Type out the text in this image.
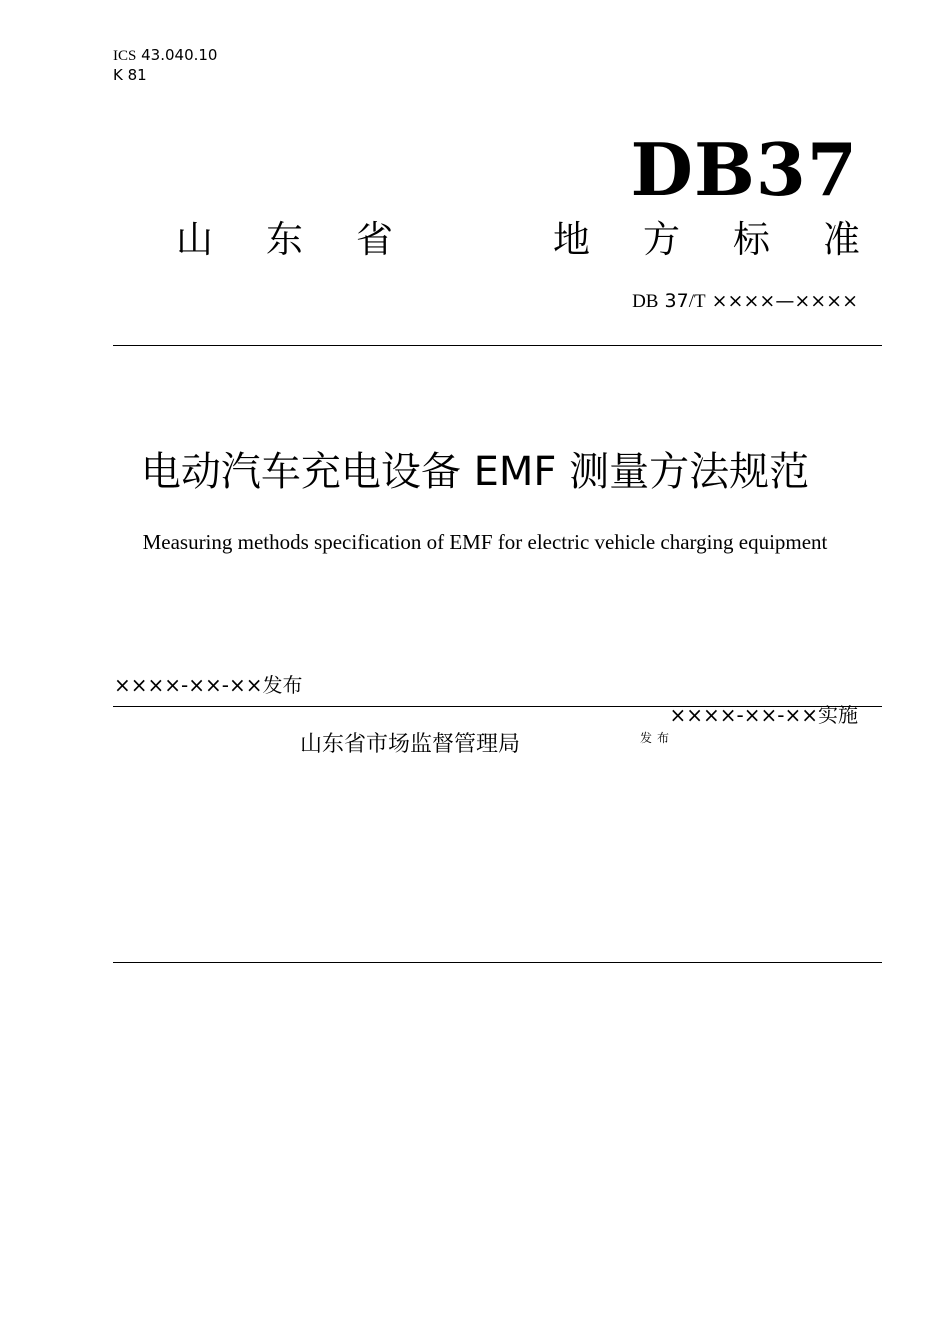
ICS 43.040.10
K 81
DB37
山 东 省	地 方 标 准
DB 37/T ××××—××××
电动汽车充电设备 EMF 测量方法规范
Measuring methods specification of EMF for electric vehicle charging equipment
××××-××-××发布
××××-××-××实施
山东省市场监督管理局	发布
